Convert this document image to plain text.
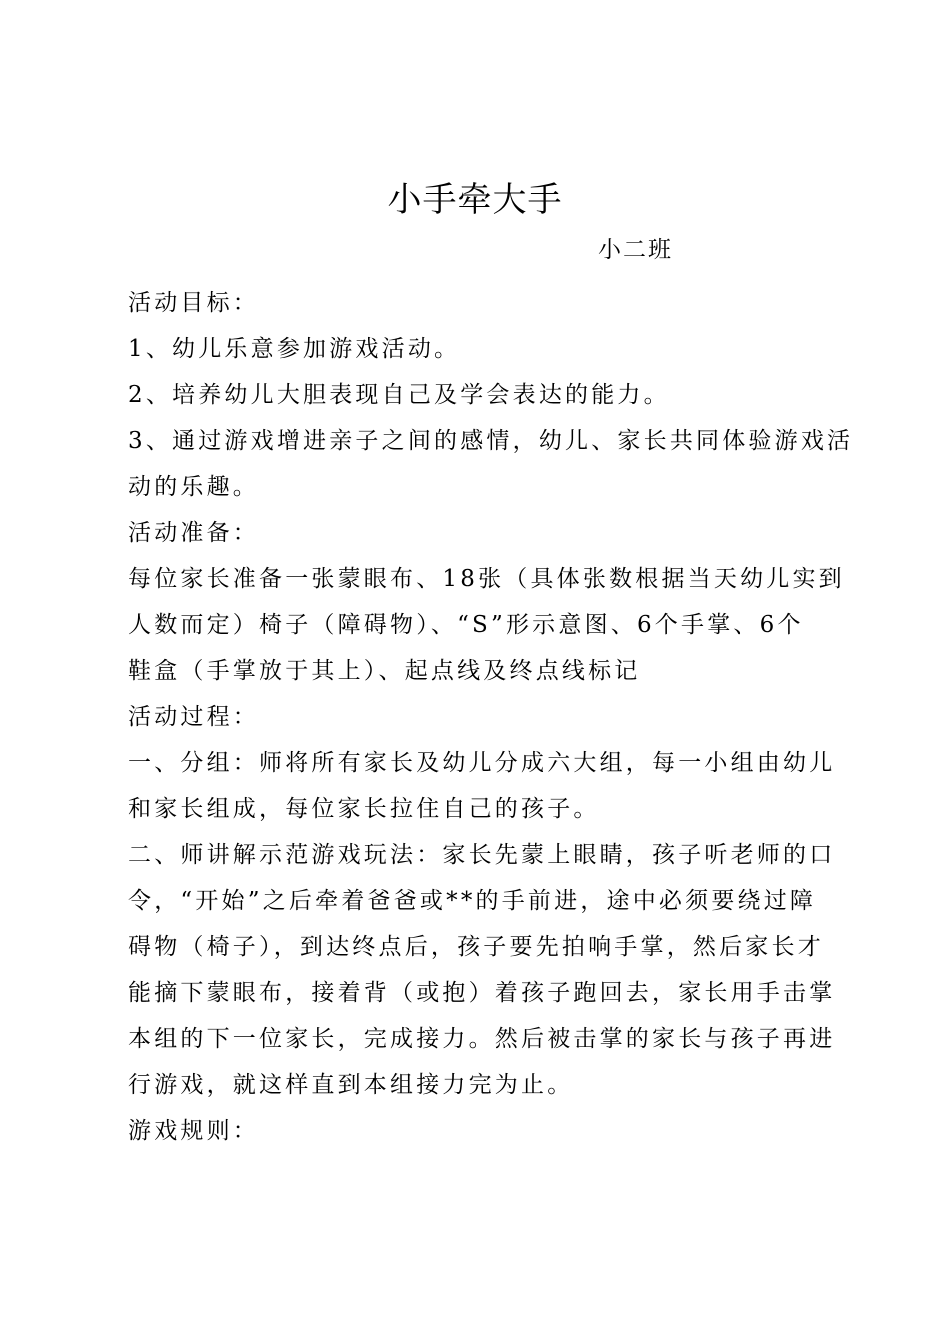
小手牵大手
小二班

活动目标：

1、幼儿乐意参加游戏活动。

2、培养幼儿大胆表现自己及学会表达的能力。

3、通过游戏增进亲子之间的感情，幼儿、家长共同体验游戏活

动的乐趣。

活动准备：

每位家长准备一张蒙眼布、18张（具体张数根据当天幼儿实到

人数而定）椅子（障碍物）、“S”形示意图、6个手掌、6个

鞋盒（手掌放于其上）、起点线及终点线标记

活动过程：

一、分组：师将所有家长及幼儿分成六大组，每一小组由幼儿

和家长组成，每位家长拉住自己的孩子。

二、师讲解示范游戏玩法：家长先蒙上眼睛，孩子听老师的口

令，“开始”之后牵着爸爸或**的手前进，途中必须要绕过障

碍物（椅子），到达终点后，孩子要先拍响手掌，然后家长才

能摘下蒙眼布，接着背（或抱）着孩子跑回去，家长用手击掌

本组的下一位家长，完成接力。然后被击掌的家长与孩子再进

行游戏，就这样直到本组接力完为止。

游戏规则：
